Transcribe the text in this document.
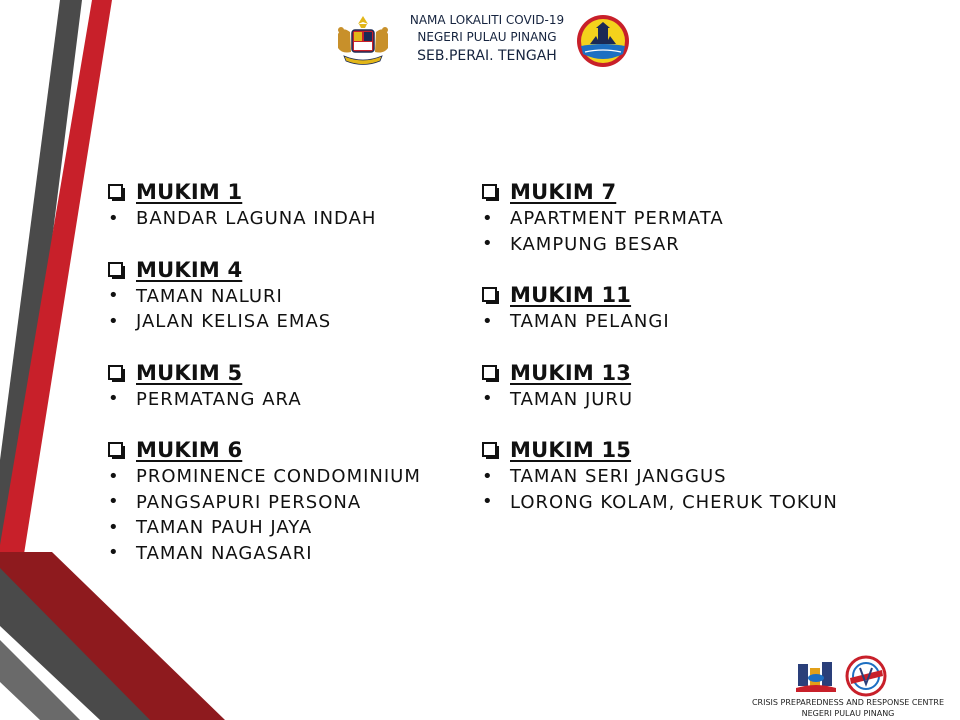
NAMA LOKALITI COVID-19
NEGERI PULAU PINANG
SEB.PERAI. TENGAH
MUKIM 1
• BANDAR LAGUNA INDAH
MUKIM 4
• TAMAN NALURI
• JALAN KELISA EMAS
MUKIM 5
• PERMATANG ARA
MUKIM 6
• PROMINENCE CONDOMINIUM
• PANGSAPURI PERSONA
• TAMAN PAUH JAYA
• TAMAN NAGASARI
MUKIM 7
• APARTMENT PERMATA
• KAMPUNG BESAR
MUKIM 11
• TAMAN PELANGI
MUKIM 13
• TAMAN JURU
MUKIM 15
• TAMAN SERI JANGGUS
• LORONG KOLAM, CHERUK TOKUN
CRISIS PREPAREDNESS AND RESPONSE CENTRE
NEGERI PULAU PINANG
